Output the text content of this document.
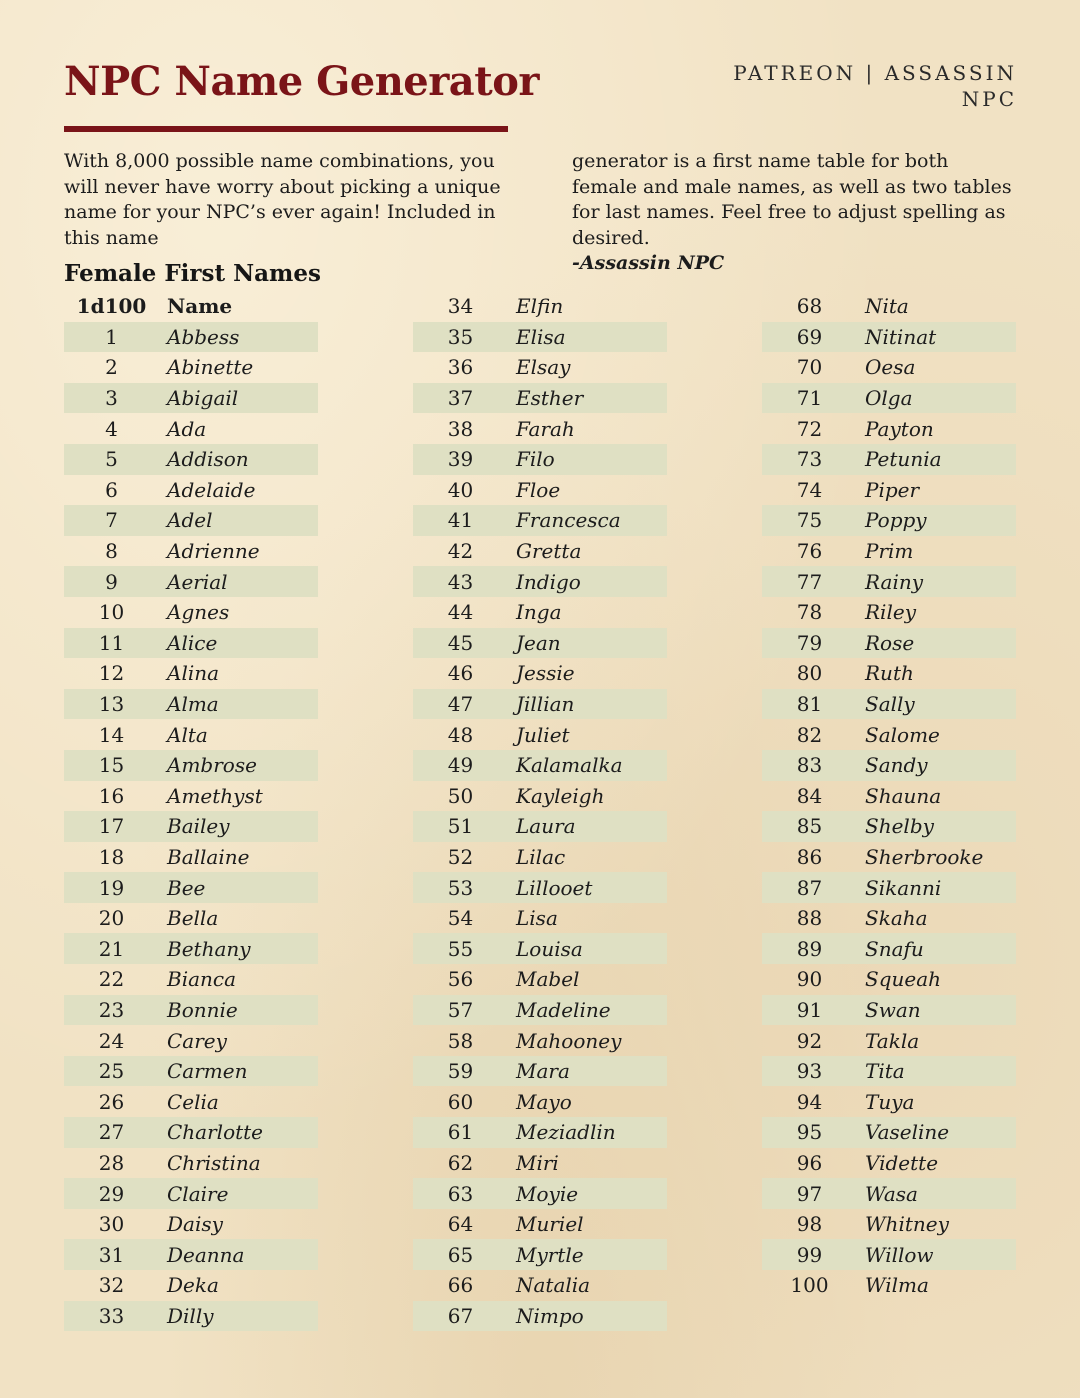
NPC Name Generator	PATREON | ASSASSIN
NPC

With 8,000 possible name combinations, you will never have worry about picking a unique name for your NPC’s ever again! Included in this name

generator is a first name table for both female and male names, as well as two tables for last names. Feel free to adjust spelling as desired.
-Assassin NPC

Female First Names
1d100	Name
1	Abbess
2	Abinette
3	Abigail
4	Ada
5	Addison
6	Adelaide
7	Adel
8	Adrienne
9	Aerial
10	Agnes
11	Alice
12	Alina
13	Alma
14	Alta
15	Ambrose
16	Amethyst
17	Bailey
18	Ballaine
19	Bee
20	Bella
21	Bethany
22	Bianca
23	Bonnie
24	Carey
25	Carmen
26	Celia
27	Charlotte
28	Christina
29	Claire
30	Daisy
31	Deanna
32	Deka
33	Dilly
34	Elfin
35	Elisa
36	Elsay
37	Esther
38	Farah
39	Filo
40	Floe
41	Francesca
42	Gretta
43	Indigo
44	Inga
45	Jean
46	Jessie
47	Jillian
48	Juliet
49	Kalamalka
50	Kayleigh
51	Laura
52	Lilac
53	Lillooet
54	Lisa
55	Louisa
56	Mabel
57	Madeline
58	Mahooney
59	Mara
60	Mayo
61	Meziadlin
62	Miri
63	Moyie
64	Muriel
65	Myrtle
66	Natalia
67	Nimpo
68	Nita
69	Nitinat
70	Oesa
71	Olga
72	Payton
73	Petunia
74	Piper
75	Poppy
76	Prim
77	Rainy
78	Riley
79	Rose
80	Ruth
81	Sally
82	Salome
83	Sandy
84	Shauna
85	Shelby
86	Sherbrooke
87	Sikanni
88	Skaha
89	Snafu
90	Squeah
91	Swan
92	Takla
93	Tita
94	Tuya
95	Vaseline
96	Vidette
97	Wasa
98	Whitney
99	Willow
100	Wilma
